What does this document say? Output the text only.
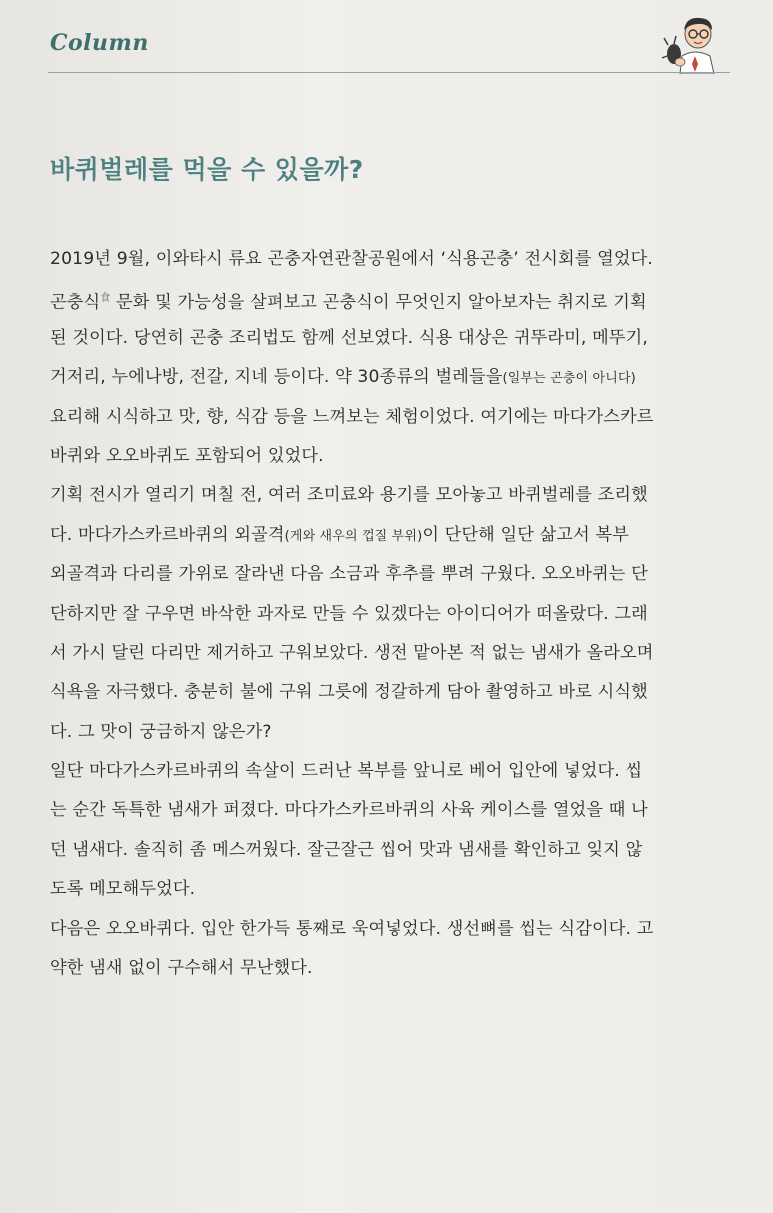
Column
바퀴벌레를 먹을 수 있을까?
2019년 9월, 이와타시 류요 곤충자연관찰공원에서 ‘식용곤충’ 전시회를 열었다.
곤충식$^食$ 문화 및 가능성을 살펴보고 곤충식이 무엇인지 알아보자는 취지로 기획
된 것이다. 당연히 곤충 조리법도 함께 선보였다. 식용 대상은 귀뚜라미, 메뚜기,
거저리, 누에나방, 전갈, 지네 등이다. 약 30종류의 벌레들을(일부는 곤충이 아니다)
요리해 시식하고 맛, 향, 식감 등을 느껴보는 체험이었다. 여기에는 마다가스카르
바퀴와 오오바퀴도 포함되어 있었다.
기획 전시가 열리기 며칠 전, 여러 조미료와 용기를 모아놓고 바퀴벌레를 조리했
다. 마다가스카르바퀴의 외골격(게와 새우의 껍질 부위)이 단단해 일단 삶고서 복부
외골격과 다리를 가위로 잘라낸 다음 소금과 후추를 뿌려 구웠다. 오오바퀴는 단
단하지만 잘 구우면 바삭한 과자로 만들 수 있겠다는 아이디어가 떠올랐다. 그래
서 가시 달린 다리만 제거하고 구워보았다. 생전 맡아본 적 없는 냄새가 올라오며
식욕을 자극했다. 충분히 불에 구워 그릇에 정갈하게 담아 촬영하고 바로 시식했
다. 그 맛이 궁금하지 않은가?
일단 마다가스카르바퀴의 속살이 드러난 복부를 앞니로 베어 입안에 넣었다. 씹
는 순간 독특한 냄새가 퍼졌다. 마다가스카르바퀴의 사육 케이스를 열었을 때 나
던 냄새다. 솔직히 좀 메스꺼웠다. 잘근잘근 씹어 맛과 냄새를 확인하고 잊지 않
도록 메모해두었다.
다음은 오오바퀴다. 입안 한가득 통째로 욱여넣었다. 생선뼈를 씹는 식감이다. 고
약한 냄새 없이 구수해서 무난했다.
